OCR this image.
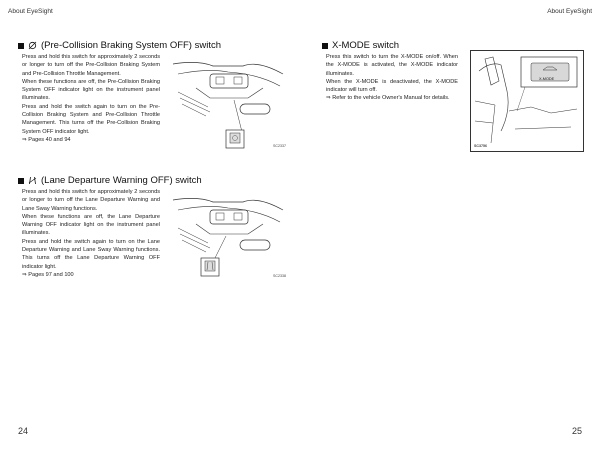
About EyeSight	About EyeSight
(Pre-Collision Braking System OFF) switch

Press and hold this switch for approximately 2 seconds or longer to turn off the Pre-Collision Braking System and Pre-Collision Throttle Management.

When these functions are off, the Pre-Collision Braking System OFF indicator light on the instrument panel illuminates.

Press and hold the switch again to turn on the Pre-Collision Braking System and Pre-Collision Throttle Management. This turns off the Pre-Collision Braking System OFF indicator light.

⇒ Pages 40 and 94

SC2337
(Lane Departure Warning OFF) switch

Press and hold this switch for approximately 2 seconds or longer to turn off the Lane Departure Warning and Lane Sway Warning functions.

When these functions are off, the Lane Departure Warning OFF indicator light on the instrument panel illuminates.

Press and hold the switch again to turn on the Lane Departure Warning and Lane Sway Warning functions. This turns off the Lane Departure Warning OFF indicator light.

⇒ Pages 97 and 100	SC2338
X-MODE switch

Press this switch to turn the X-MODE on/off. When the X-MODE is activated, the X-MODE indicator illuminates.

When the X-MODE is deactivated, the X-MODE indicator will turn off.

⇒ Refer to the vehicle Owner's Manual for details.

X-MODE
SC3756
24	25
